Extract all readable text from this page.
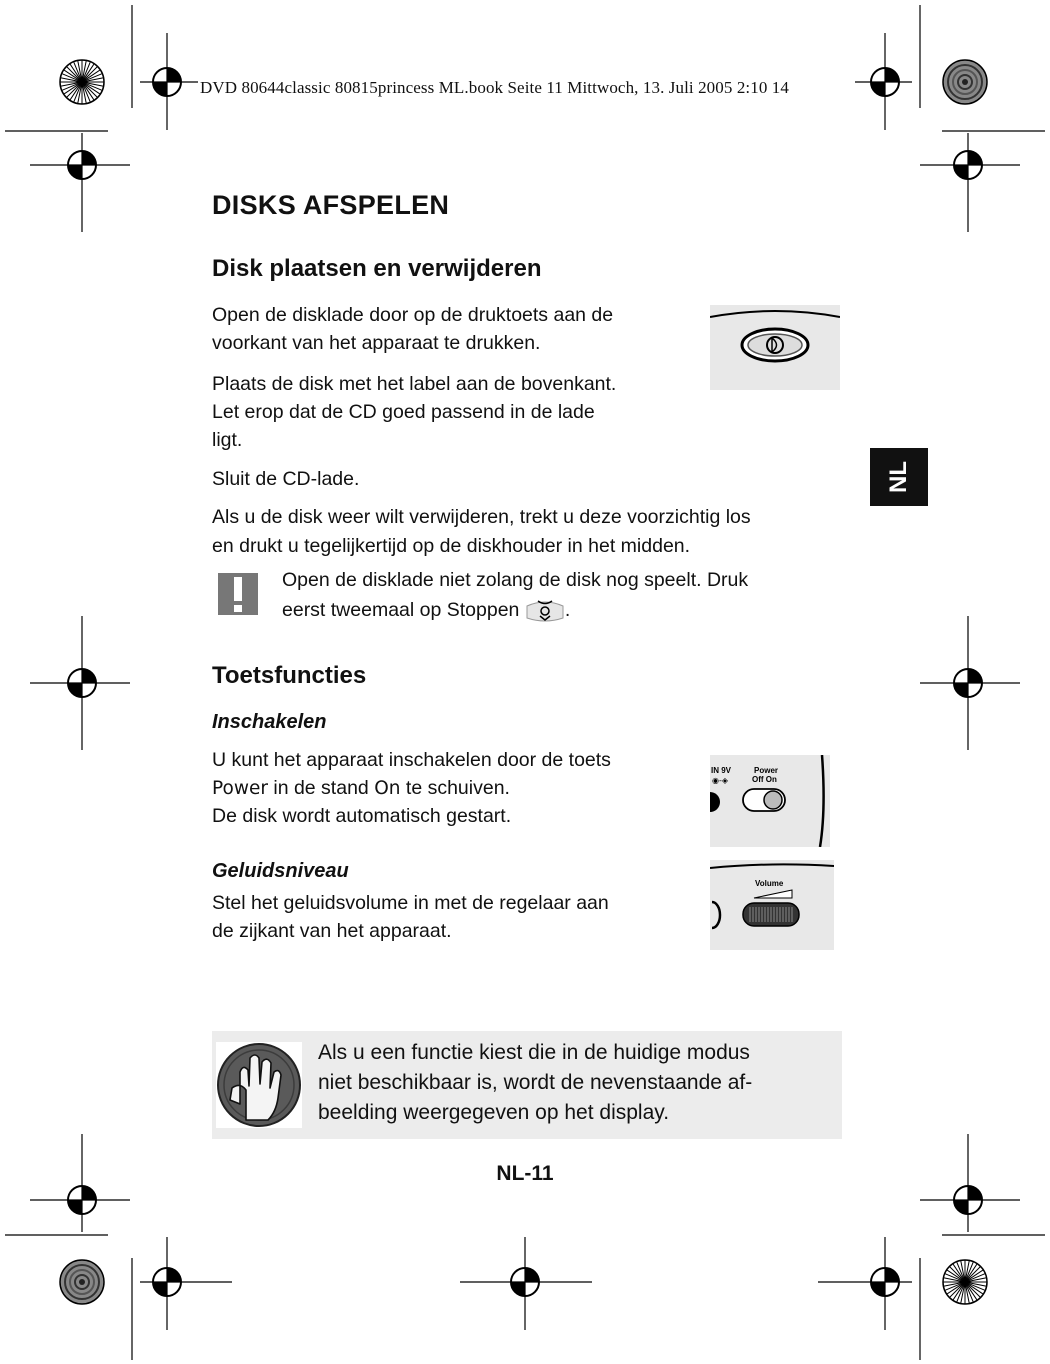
DVD 80644classic 80815princess ML.book Seite 11 Mittwoch, 13. Juli 2005 2:10 14
NL
DISKS AFSPELEN
Disk plaatsen en verwijderen

Open de disklade door op de druktoets aan de

voorkant van het apparaat te drukken.

Plaats de disk met het label aan de bovenkant.

Let erop dat de CD goed passend in de lade

ligt.

Sluit de CD-lade.

Als u de disk weer wilt verwijderen, trekt u deze voorzichtig los

en drukt u tegelijkertijd op de diskhouder in het midden.

Open de disklade niet zolang de disk nog speelt. Druk

eerst tweemaal op Stoppen .

Toetsfuncties
Inschakelen

U kunt het apparaat inschakelen door de toets

Power in de stand On te schuiven.

De disk wordt automatisch gestart.

IN 9V
◉-◈
Power
Off On
Geluidsniveau

Stel het geluidsvolume in met de regelaar aan

de zijkant van het apparaat.

Volume

Als u een functie kiest die in de huidige modus

niet beschikbaar is, wordt de nevenstaande af-

beelding weergegeven op het display.

NL-11
